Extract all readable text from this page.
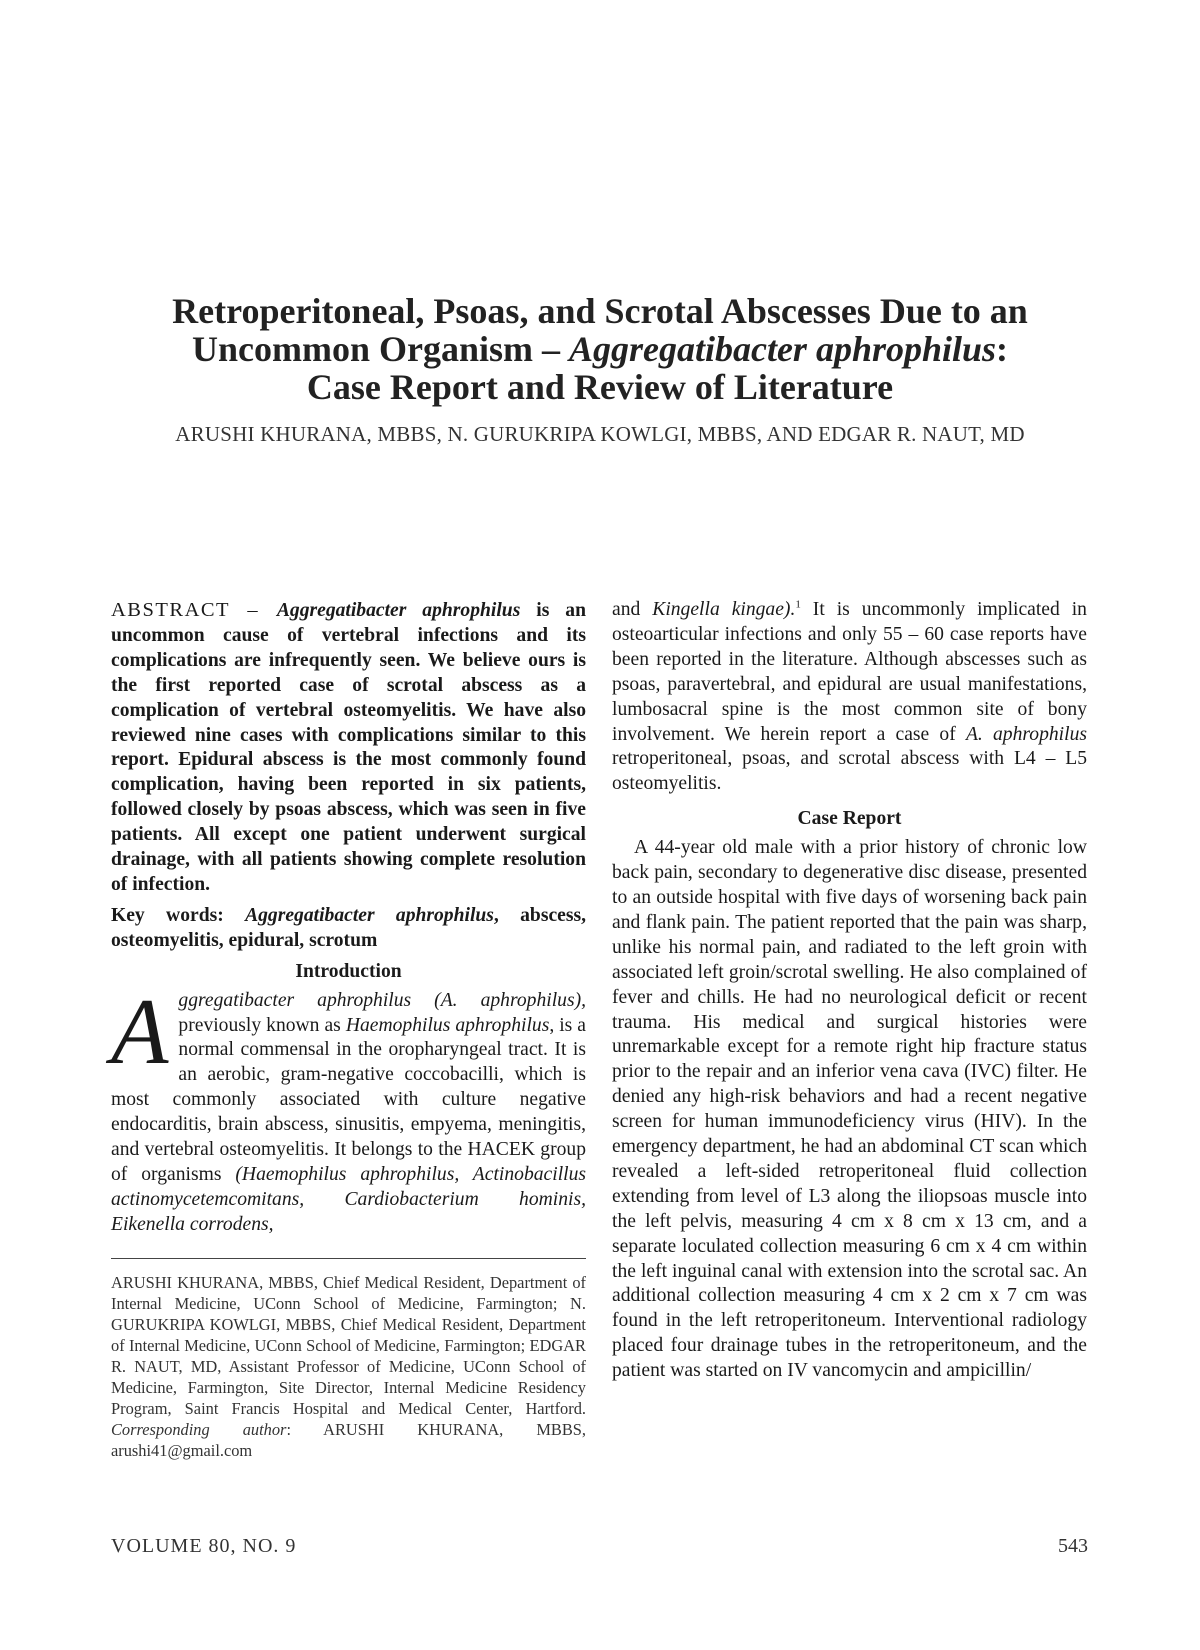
Retroperitoneal, Psoas, and Scrotal Abscesses Due to an
Uncommon Organism – Aggregatibacter aphrophilus:
Case Report and Review of Literature
ARUSHI KHURANA, MBBS, N. GURUKRIPA KOWLGI, MBBS, AND EDGAR R. NAUT, MD

ABSTRACT – Aggregatibacter aphrophilus is an uncommon cause of vertebral infections and its complications are infrequently seen. We believe ours is the first reported case of scrotal abscess as a complication of vertebral osteomyelitis. We have also reviewed nine cases with complications similar to this report. Epidural abscess is the most commonly found complication, having been reported in six patients, followed closely by psoas abscess, which was seen in five patients. All except one patient underwent surgical drainage, with all patients showing complete resolution of infection.

Key words: Aggregatibacter aphrophilus, abscess, osteomyelitis, epidural, scrotum

Introduction

Aggregatibacter aphrophilus (A. aphrophilus), previously known as Haemophilus aphrophilus, is a normal commensal in the oropharyngeal tract. It is an aerobic, gram-negative coccobacilli, which is most commonly associated with culture negative endocarditis, brain abscess, sinusitis, empyema, meningitis, and vertebral osteomyelitis. It belongs to the HACEK group of organisms (Haemophilus aphrophilus, Actinobacillus actinomycetemcomitans, Cardiobacterium hominis, Eikenella corrodens,

ARUSHI KHURANA, MBBS, Chief Medical Resident, Department of Internal Medicine, UConn School of Medicine, Farmington; N. GURUKRIPA KOWLGI, MBBS, Chief Medical Resident, Department of Internal Medicine, UConn School of Medicine, Farmington; EDGAR R. NAUT, MD, Assistant Professor of Medicine, UConn School of Medicine, Farmington, Site Director, Internal Medicine Residency Program, Saint Francis Hospital and Medical Center, Hartford. Corresponding author: ARUSHI KHURANA, MBBS, arushi41@gmail.com

and Kingella kingae).$^1$ It is uncommonly implicated in osteoarticular infections and only 55 – 60 case reports have been reported in the literature. Although abscesses such as psoas, paravertebral, and epidural are usual manifestations, lumbosacral spine is the most common site of bony involvement. We herein report a case of A. aphrophilus retroperitoneal, psoas, and scrotal abscess with L4 – L5 osteomyelitis.

Case Report

A 44-year old male with a prior history of chronic low back pain, secondary to degenerative disc disease, presented to an outside hospital with five days of worsening back pain and flank pain. The patient reported that the pain was sharp, unlike his normal pain, and radiated to the left groin with associated left groin/scrotal swelling. He also complained of fever and chills. He had no neurological deficit or recent trauma. His medical and surgical histories were unremarkable except for a remote right hip fracture status prior to the repair and an inferior vena cava (IVC) filter. He denied any high-risk behaviors and had a recent negative screen for human immunodeficiency virus (HIV). In the emergency department, he had an abdominal CT scan which revealed a left-sided retroperitoneal fluid collection extending from level of L3 along the iliopsoas muscle into the left pelvis, measuring 4 cm x 8 cm x 13 cm, and a separate loculated collection measuring 6 cm x 4 cm within the left inguinal canal with extension into the scrotal sac. An additional collection measuring 4 cm x 2 cm x 7 cm was found in the left retroperitoneum. Interventional radiology placed four drainage tubes in the retroperitoneum, and the patient was started on IV vancomycin and ampicillin/

VOLUME 80, NO. 9	543
